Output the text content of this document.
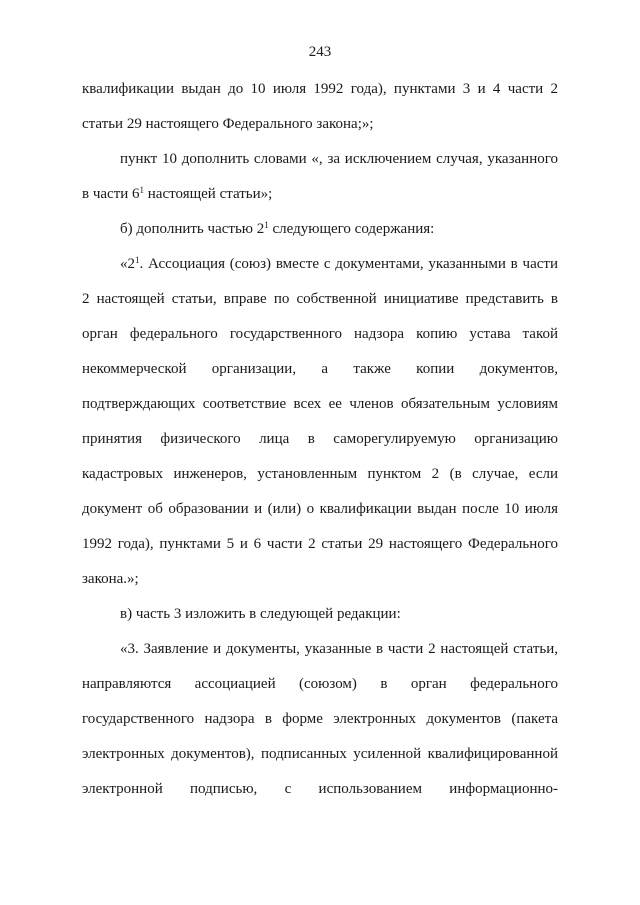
243
квалификации выдан до 10 июля 1992 года), пунктами 3 и 4 части 2
статьи 29 настоящего Федерального закона;»;
пункт 10 дополнить словами «, за исключением случая, указанного
в части $6^1$ настоящей статьи»;
б) дополнить частью $2^1$ следующего содержания:
«$2^1$. Ассоциация (союз) вместе с документами, указанными в части
2 настоящей статьи, вправе по собственной инициативе представить в
орган федерального государственного надзора копию устава такой
некоммерческой организации, а также копии документов,
подтверждающих соответствие всех ее членов обязательным условиям
принятия физического лица в саморегулируемую организацию
кадастровых инженеров, установленным пунктом 2 (в случае, если
документ об образовании и (или) о квалификации выдан после 10 июля
1992 года), пунктами 5 и 6 части 2 статьи 29 настоящего Федерального
закона.»;
в) часть 3 изложить в следующей редакции:
«3. Заявление и документы, указанные в части 2 настоящей статьи,
направляются ассоциацией (союзом) в орган федерального
государственного надзора в форме электронных документов (пакета
электронных документов), подписанных усиленной квалифицированной
электронной подписью, с использованием информационно-
